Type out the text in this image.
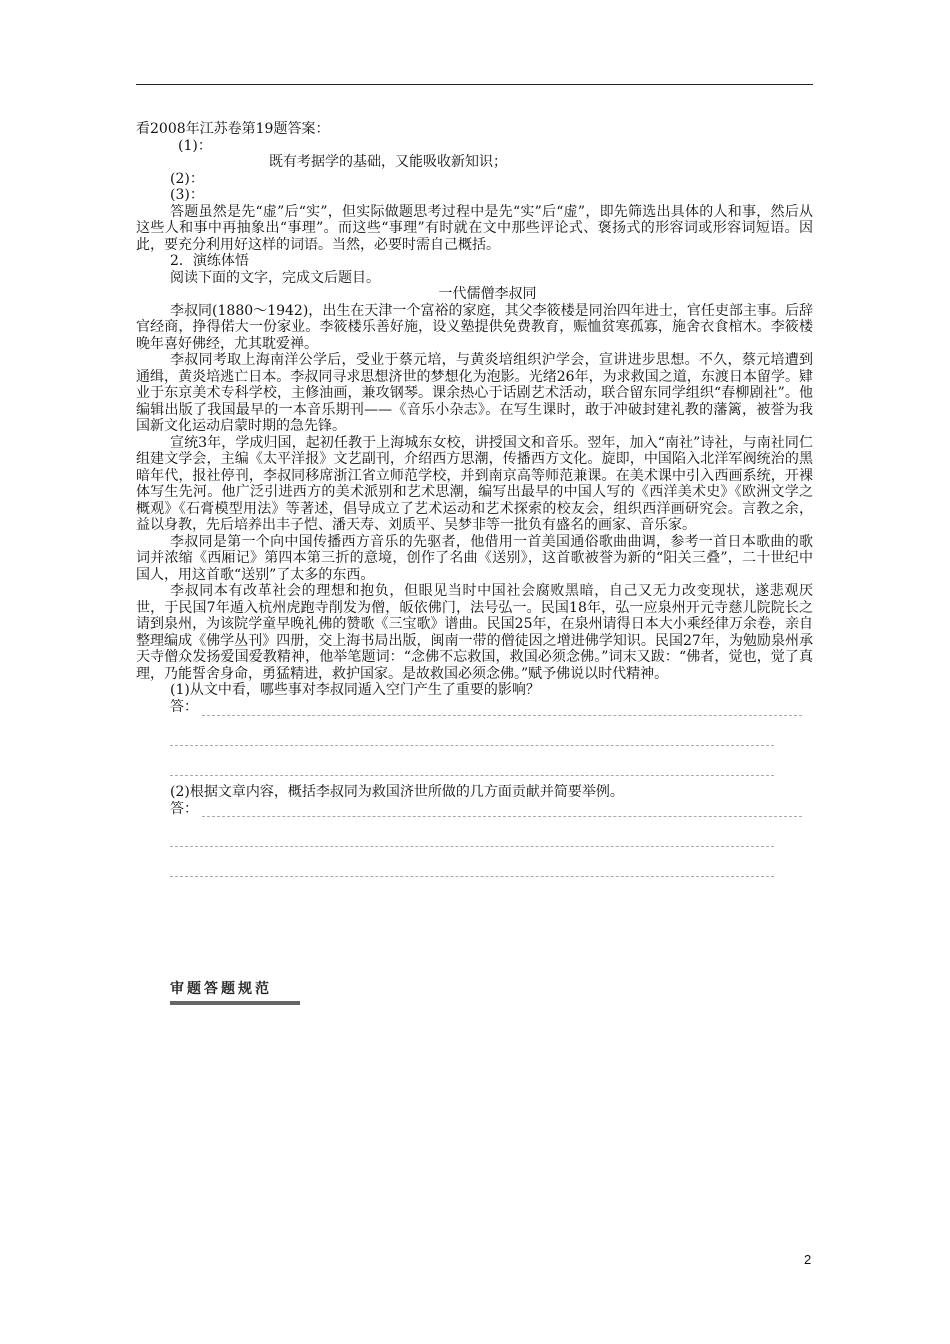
看2008年江苏卷第19题答案：

(1)：

既有考据学的基础，又能吸收新知识；

(2)：

(3)：

答题虽然是先“虚”后“实”，但实际做题思考过程中是先“实”后“虚”，即先筛选出具体的人和事，然后从这些人和事中再抽象出“事理”。而这些“事理”有时就在文中那些评论式、褒扬式的形容词或形容词短语。因此，要充分利用好这样的词语。当然，必要时需自己概括。

2．演练体悟

阅读下面的文字，完成文后题目。

一代儒僧李叔同

李叔同(1880～1942)，出生在天津一个富裕的家庭，其父李筱楼是同治四年进士，官任吏部主事。后辞官经商，挣得偌大一份家业。李筱楼乐善好施，设义塾提供免费教育，赈恤贫寒孤寡，施舍衣食棺木。李筱楼晚年喜好佛经，尤其耽爱禅。

李叔同考取上海南洋公学后，受业于蔡元培，与黄炎培组织沪学会，宣讲进步思想。不久，蔡元培遭到通缉，黄炎培逃亡日本。李叔同寻求思想济世的梦想化为泡影。光绪26年，为求救国之道，东渡日本留学。肄业于东京美术专科学校，主修油画，兼攻钢琴。课余热心于话剧艺术活动，联合留东同学组织“春柳剧社”。他编辑出版了我国最早的一本音乐期刊——《音乐小杂志》。在写生课时，敢于冲破封建礼教的藩篱，被誉为我国新文化运动启蒙时期的急先锋。

宣统3年，学成归国，起初任教于上海城东女校，讲授国文和音乐。翌年，加入“南社”诗社，与南社同仁组建文学会，主编《太平洋报》文艺副刊，介绍西方思潮，传播西方文化。旋即，中国陷入北洋军阀统治的黑暗年代，报社停刊，李叔同移席浙江省立师范学校，并到南京高等师范兼课。在美术课中引入西画系统，开裸体写生先河。他广泛引进西方的美术派别和艺术思潮，编写出最早的中国人写的《西洋美术史》《欧洲文学之概观》《石膏模型用法》等著述，倡导成立了艺术运动和艺术探索的校友会，组织西洋画研究会。言教之余，益以身教，先后培养出丰子恺、潘天寿、刘质平、吴梦非等一批负有盛名的画家、音乐家。

李叔同是第一个向中国传播西方音乐的先驱者，他借用一首美国通俗歌曲曲调，参考一首日本歌曲的歌词并浓缩《西厢记》第四本第三折的意境，创作了名曲《送别》，这首歌被誉为新的“阳关三叠”，二十世纪中国人，用这首歌“送别”了太多的东西。

李叔同本有改革社会的理想和抱负，但眼见当时中国社会腐败黑暗，自己又无力改变现状，遂悲观厌世，于民国7年遁入杭州虎跑寺削发为僧，皈依佛门，法号弘一。民国18年，弘一应泉州开元寺慈儿院院长之请到泉州，为该院学童早晚礼佛的赞歌《三宝歌》谱曲。民国25年，在泉州请得日本大小乘经律万余卷，亲自整理编成《佛学丛刊》四册，交上海书局出版，闽南一带的僧徒因之增进佛学知识。民国27年，为勉励泉州承天寺僧众发扬爱国爱教精神，他举笔题词：“念佛不忘救国，救国必须念佛。”词末又跋：“佛者，觉也，觉了真理，乃能誓舍身命，勇猛精进，救护国家。是故救国必须念佛。”赋予佛说以时代精神。

(1)从文中看，哪些事对李叔同遁入空门产生了重要的影响？

答：

(2)根据文章内容，概括李叔同为救国济世所做的几方面贡献并简要举例。

答：
审题答题规范
2
